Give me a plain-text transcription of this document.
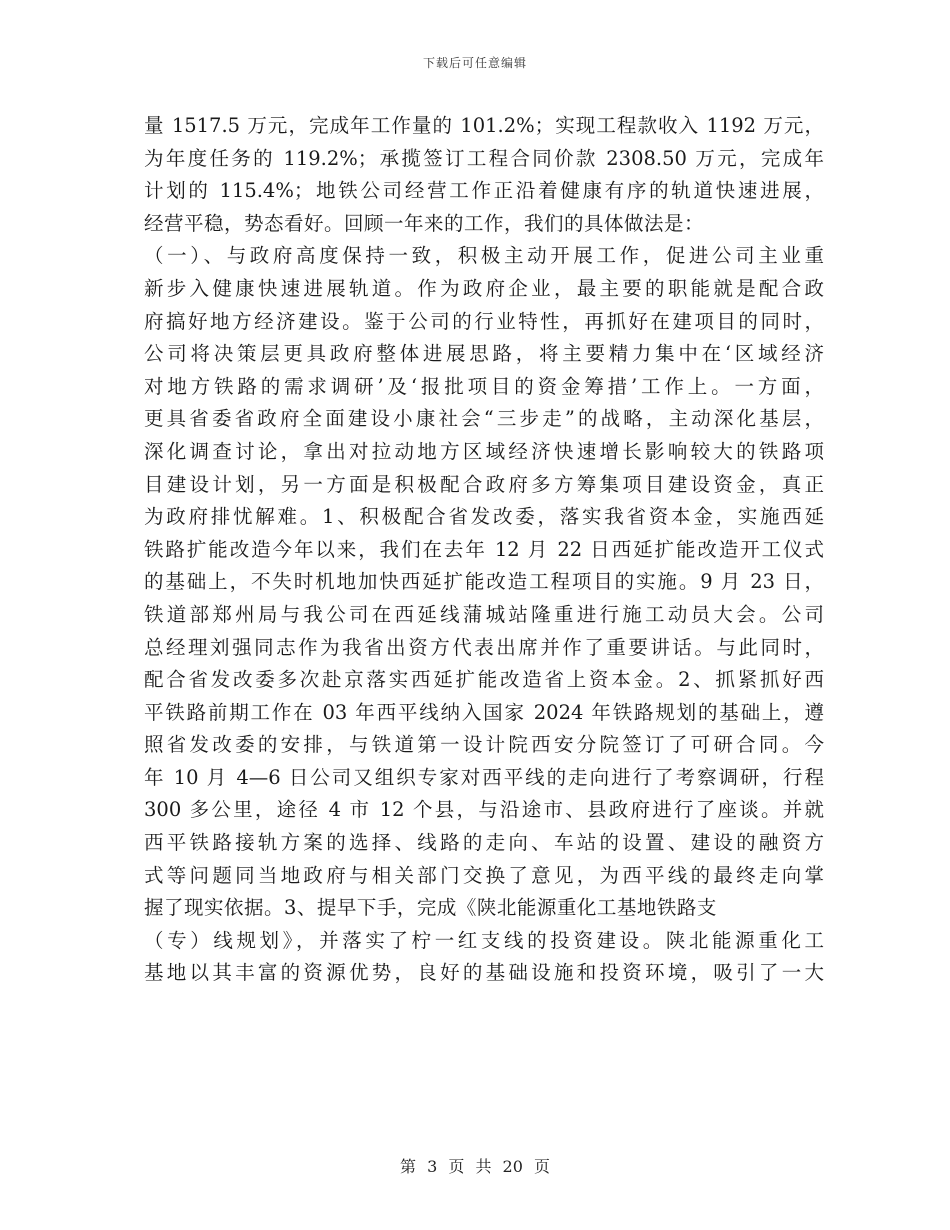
下载后可任意编辑
量 1517.5 万元，完成年工作量的 101.2%；实现工程款收入 1192 万元，
为年度任务的 119.2%；承揽签订工程合同价款 2308.50 万元，完成年
计划的 115.4%；地铁公司经营工作正沿着健康有序的轨道快速进展，
经营平稳，势态看好。回顾一年来的工作，我们的具体做法是：
（一）、与政府高度保持一致，积极主动开展工作，促进公司主业重
新步入健康快速进展轨道。作为政府企业，最主要的职能就是配合政
府搞好地方经济建设。鉴于公司的行业特性，再抓好在建项目的同时，
公司将决策层更具政府整体进展思路，将主要精力集中在‘区域经济
对地方铁路的需求调研’及‘报批项目的资金筹措’工作上。一方面，
更具省委省政府全面建设小康社会“三步走”的战略，主动深化基层，
深化调查讨论，拿出对拉动地方区域经济快速增长影响较大的铁路项
目建设计划，另一方面是积极配合政府多方筹集项目建设资金，真正
为政府排忧解难。1、积极配合省发改委，落实我省资本金，实施西延
铁路扩能改造今年以来，我们在去年 12 月 22 日西延扩能改造开工仪式
的基础上，不失时机地加快西延扩能改造工程项目的实施。9 月 23 日，
铁道部郑州局与我公司在西延线蒲城站隆重进行施工动员大会。公司
总经理刘强同志作为我省出资方代表出席并作了重要讲话。与此同时，
配合省发改委多次赴京落实西延扩能改造省上资本金。2、抓紧抓好西
平铁路前期工作在 03 年西平线纳入国家 2024 年铁路规划的基础上，遵
照省发改委的安排，与铁道第一设计院西安分院签订了可研合同。今
年 10 月 4—6 日公司又组织专家对西平线的走向进行了考察调研，行程
300 多公里，途径 4 市 12 个县，与沿途市、县政府进行了座谈。并就
西平铁路接轨方案的选择、线路的走向、车站的设置、建设的融资方
式等问题同当地政府与相关部门交换了意见，为西平线的最终走向掌
握了现实依据。3、提早下手，完成《陕北能源重化工基地铁路支
（专）线规划》，并落实了柠一红支线的投资建设。陕北能源重化工
基地以其丰富的资源优势，良好的基础设施和投资环境，吸引了一大
第 3 页 共 20 页
